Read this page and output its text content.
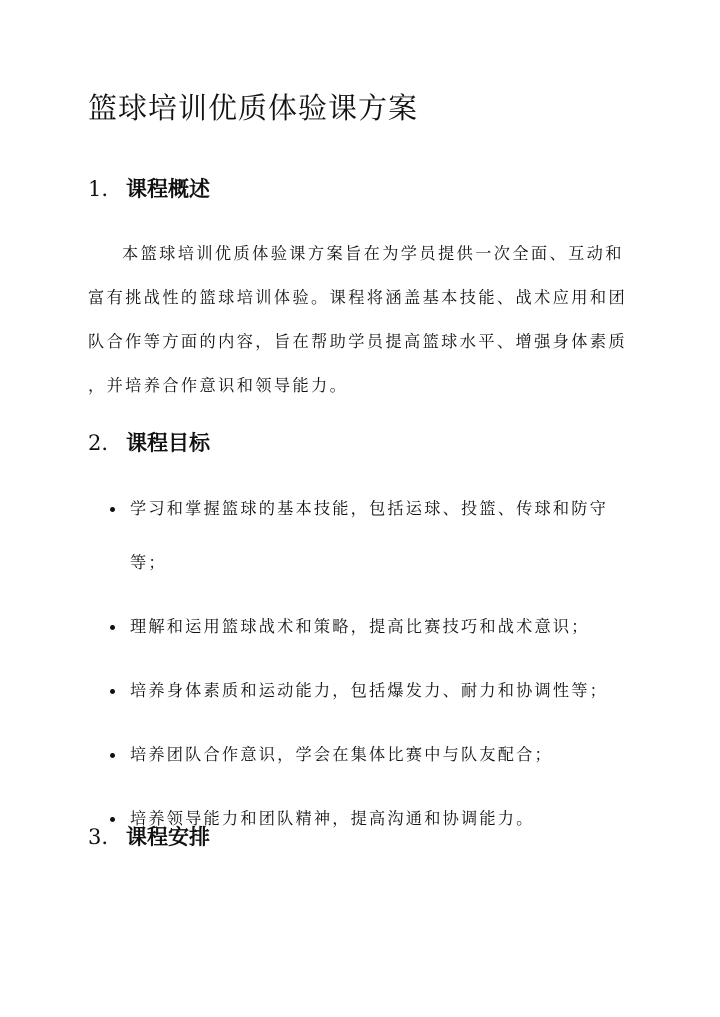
篮球培训优质体验课方案
1. 课程概述
本篮球培训优质体验课方案旨在为学员提供一次全面、互动和
富有挑战性的篮球培训体验。课程将涵盖基本技能、战术应用和团
队合作等方面的内容，旨在帮助学员提高篮球水平、增强身体素质
，并培养合作意识和领导能力。
2. 课程目标
学习和掌握篮球的基本技能，包括运球、投篮、传球和防守
等；
理解和运用篮球战术和策略，提高比赛技巧和战术意识；
培养身体素质和运动能力，包括爆发力、耐力和协调性等；
培养团队合作意识，学会在集体比赛中与队友配合；
培养领导能力和团队精神，提高沟通和协调能力。
3. 课程安排
